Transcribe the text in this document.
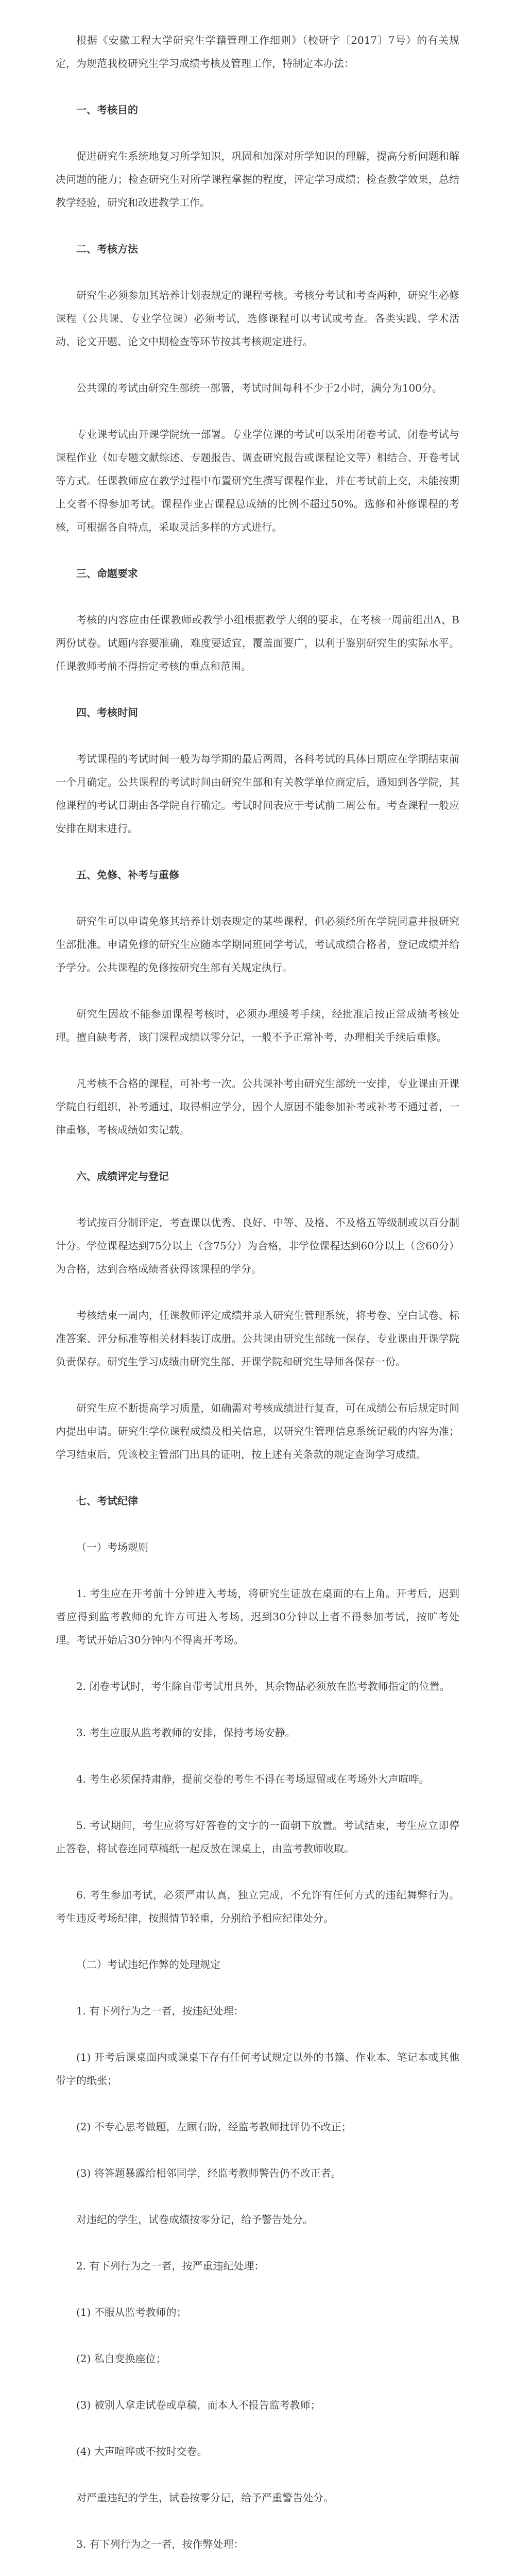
根据《安徽工程大学研究生学籍管理工作细则》（校研字〔2017〕7号）的有关规定，为规范我校研究生学习成绩考核及管理工作，特制定本办法：

一、考核目的

促进研究生系统地复习所学知识，巩固和加深对所学知识的理解，提高分析问题和解决问题的能力；检查研究生对所学课程掌握的程度，评定学习成绩；检查教学效果，总结教学经验，研究和改进教学工作。

二、考核方法

研究生必须参加其培养计划表规定的课程考核。考核分考试和考查两种，研究生必修课程（公共课、专业学位课）必须考试，选修课程可以考试或考查。各类实践、学术活动、论文开题、论文中期检查等环节按其考核规定进行。

公共课的考试由研究生部统一部署，考试时间每科不少于2小时，满分为100分。

专业课考试由开课学院统一部署。专业学位课的考试可以采用闭卷考试、闭卷考试与课程作业（如专题文献综述、专题报告、调查研究报告或课程论文等）相结合、开卷考试等方式。任课教师应在教学过程中布置研究生撰写课程作业，并在考试前上交，未能按期上交者不得参加考试。课程作业占课程总成绩的比例不超过50%。选修和补修课程的考核，可根据各自特点，采取灵活多样的方式进行。

三、命题要求

考核的内容应由任课教师或教学小组根据教学大纲的要求，在考核一周前组出A、B两份试卷。试题内容要准确，难度要适宜，覆盖面要广，以利于鉴别研究生的实际水平。任课教师考前不得指定考核的重点和范围。

四、考核时间

考试课程的考试时间一般为每学期的最后两周，各科考试的具体日期应在学期结束前一个月确定。公共课程的考试时间由研究生部和有关教学单位商定后，通知到各学院，其他课程的考试日期由各学院自行确定。考试时间表应于考试前二周公布。考查课程一般应安排在期末进行。

五、免修、补考与重修

研究生可以申请免修其培养计划表规定的某些课程，但必须经所在学院同意并报研究生部批准。申请免修的研究生应随本学期同班同学考试，考试成绩合格者，登记成绩并给予学分。公共课程的免修按研究生部有关规定执行。

研究生因故不能参加课程考核时，必须办理缓考手续，经批准后按正常成绩考核处理。擅自缺考者，该门课程成绩以零分记，一般不予正常补考，办理相关手续后重修。

凡考核不合格的课程，可补考一次。公共课补考由研究生部统一安排，专业课由开课学院自行组织，补考通过，取得相应学分，因个人原因不能参加补考或补考不通过者，一律重修，考核成绩如实记载。

六、成绩评定与登记

考试按百分制评定，考查课以优秀、良好、中等、及格、不及格五等级制或以百分制计分。学位课程达到75分以上（含75分）为合格，非学位课程达到60分以上（含60分）为合格，达到合格成绩者获得该课程的学分。

考核结束一周内，任课教师评定成绩并录入研究生管理系统，将考卷、空白试卷、标准答案、评分标准等相关材料装订成册。公共课由研究生部统一保存，专业课由开课学院负责保存。研究生学习成绩由研究生部、开课学院和研究生导师各保存一份。

研究生应不断提高学习质量，如确需对考核成绩进行复查，可在成绩公布后规定时间内提出申请。研究生学位课程成绩及相关信息，以研究生管理信息系统记载的内容为准；学习结束后，凭该校主管部门出具的证明，按上述有关条款的规定查询学习成绩。

七、考试纪律

（一）考场规则

1. 考生应在开考前十分钟进入考场，将研究生证放在桌面的右上角。开考后，迟到者应得到监考教师的允许方可进入考场，迟到30分钟以上者不得参加考试，按旷考处理。考试开始后30分钟内不得离开考场。

2. 闭卷考试时，考生除自带考试用具外，其余物品必须放在监考教师指定的位置。

3. 考生应服从监考教师的安排，保持考场安静。

4. 考生必须保持肃静，提前交卷的考生不得在考场逗留或在考场外大声喧哗。

5. 考试期间，考生应将写好答卷的文字的一面朝下放置。考试结束，考生应立即停止答卷，将试卷连同草稿纸一起反放在课桌上，由监考教师收取。

6. 考生参加考试，必须严肃认真，独立完成，不允许有任何方式的违纪舞弊行为。考生违反考场纪律，按照情节轻重，分别给予相应纪律处分。

（二）考试违纪作弊的处理规定

1. 有下列行为之一者，按违纪处理：

(1) 开考后课桌面内或课桌下存有任何考试规定以外的书籍、作业本、笔记本或其他带字的纸张；

(2) 不专心思考做题，左顾右盼，经监考教师批评仍不改正；

(3) 将答题暴露给相邻同学，经监考教师警告仍不改正者。

对违纪的学生，试卷成绩按零分记，给予警告处分。

2. 有下列行为之一者，按严重违纪处理：

(1) 不服从监考教师的；

(2) 私自变换座位；

(3) 被别人拿走试卷或草稿，而本人不报告监考教师；

(4) 大声喧哗或不按时交卷。

对严重违纪的学生，试卷按零分记，给予严重警告处分。

3. 有下列行为之一者，按作弊处理：
